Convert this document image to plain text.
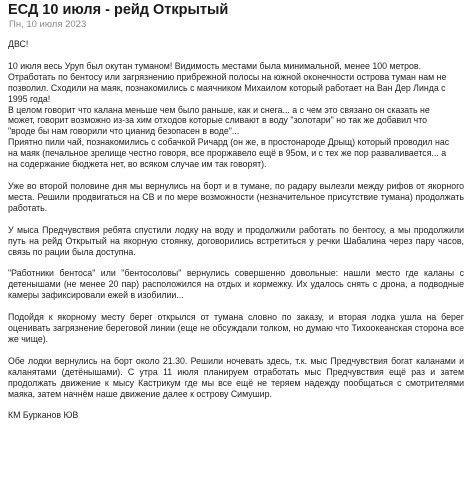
ЕСД 10 июля - рейд Открытый
Пн, 10 июля 2023

ДВС!

10 июля весь Уруп был окутан туманом! Видимость местами была минимальной, менее 100 метров.
Отработать по бентосу или загрязнению прибрежной полосы на южной оконечности острова туман нам не
позволил. Сходили на маяк, познакомились с маячником Михаилом который работает на Ван Дер Линда с
1995 года!
В целом говорит что калана меньше чем было раньше, как и снега... а с чем это связано он сказать не
может, говорит возможно из-за хим отходов которые сливают в воду "золотари" но так же добавил что
"вроде бы нам говорили что цианид безопасен в воде"...
Приятно пили чай, познакомились с собачкой Ричард (он же, в простонароде Дрыщ) который проводил нас
на маяк (печальное зрелище честно говоря, все проржавело ещё в 95ом, и с тех же пор разваливается... а
на содержание бюджета нет, во всяком случае им так говорят).

Уже во второй половине дня мы вернулись на борт и в тумане, по радару вылезли между рифов от якорного места. Решили продвигаться на СВ и по мере возможности (незначительное присутствие тумана) продолжать работать.

У мыса Предчувствия ребята спустили лодку на воду и продолжили работать по бентосу, а мы продолжили путь на рейд Открытый на якорную стоянку, договорились встретиться у речки Шабалина через пару часов, связь по рации была доступна.

"Работники бентоса" или "бентосоловы" вернулись совершенно довольные: нашли место где каланы с детенышами (не менее 20 пар) расположился на отдых и кормежку. Их удалось снять с дрона, а подводные камеры зафиксировали ежей в изобилии...

Подойдя к якорному месту берег открылся от тумана словно по заказу, и вторая лодка ушла на берег оценивать загрязнение береговой линии (еще не обсуждали толком, но думаю что Тихоокеанская сторона все же чище).

Обе лодки вернулись на борт около 21.30. Решили ночевать здесь, т.к. мыс Предчувствия богат каланами и каланятами (детёнышами). С утра 11 июля планируем отработать мыс Предчувствия ещё раз и затем продолжать движение к мысу Кастрикум где мы все ещё не теряем надежду пообщаться с смотрителями маяка, затем начнём наше движение далее к острову Симушир.

КМ Бурканов ЮВ
